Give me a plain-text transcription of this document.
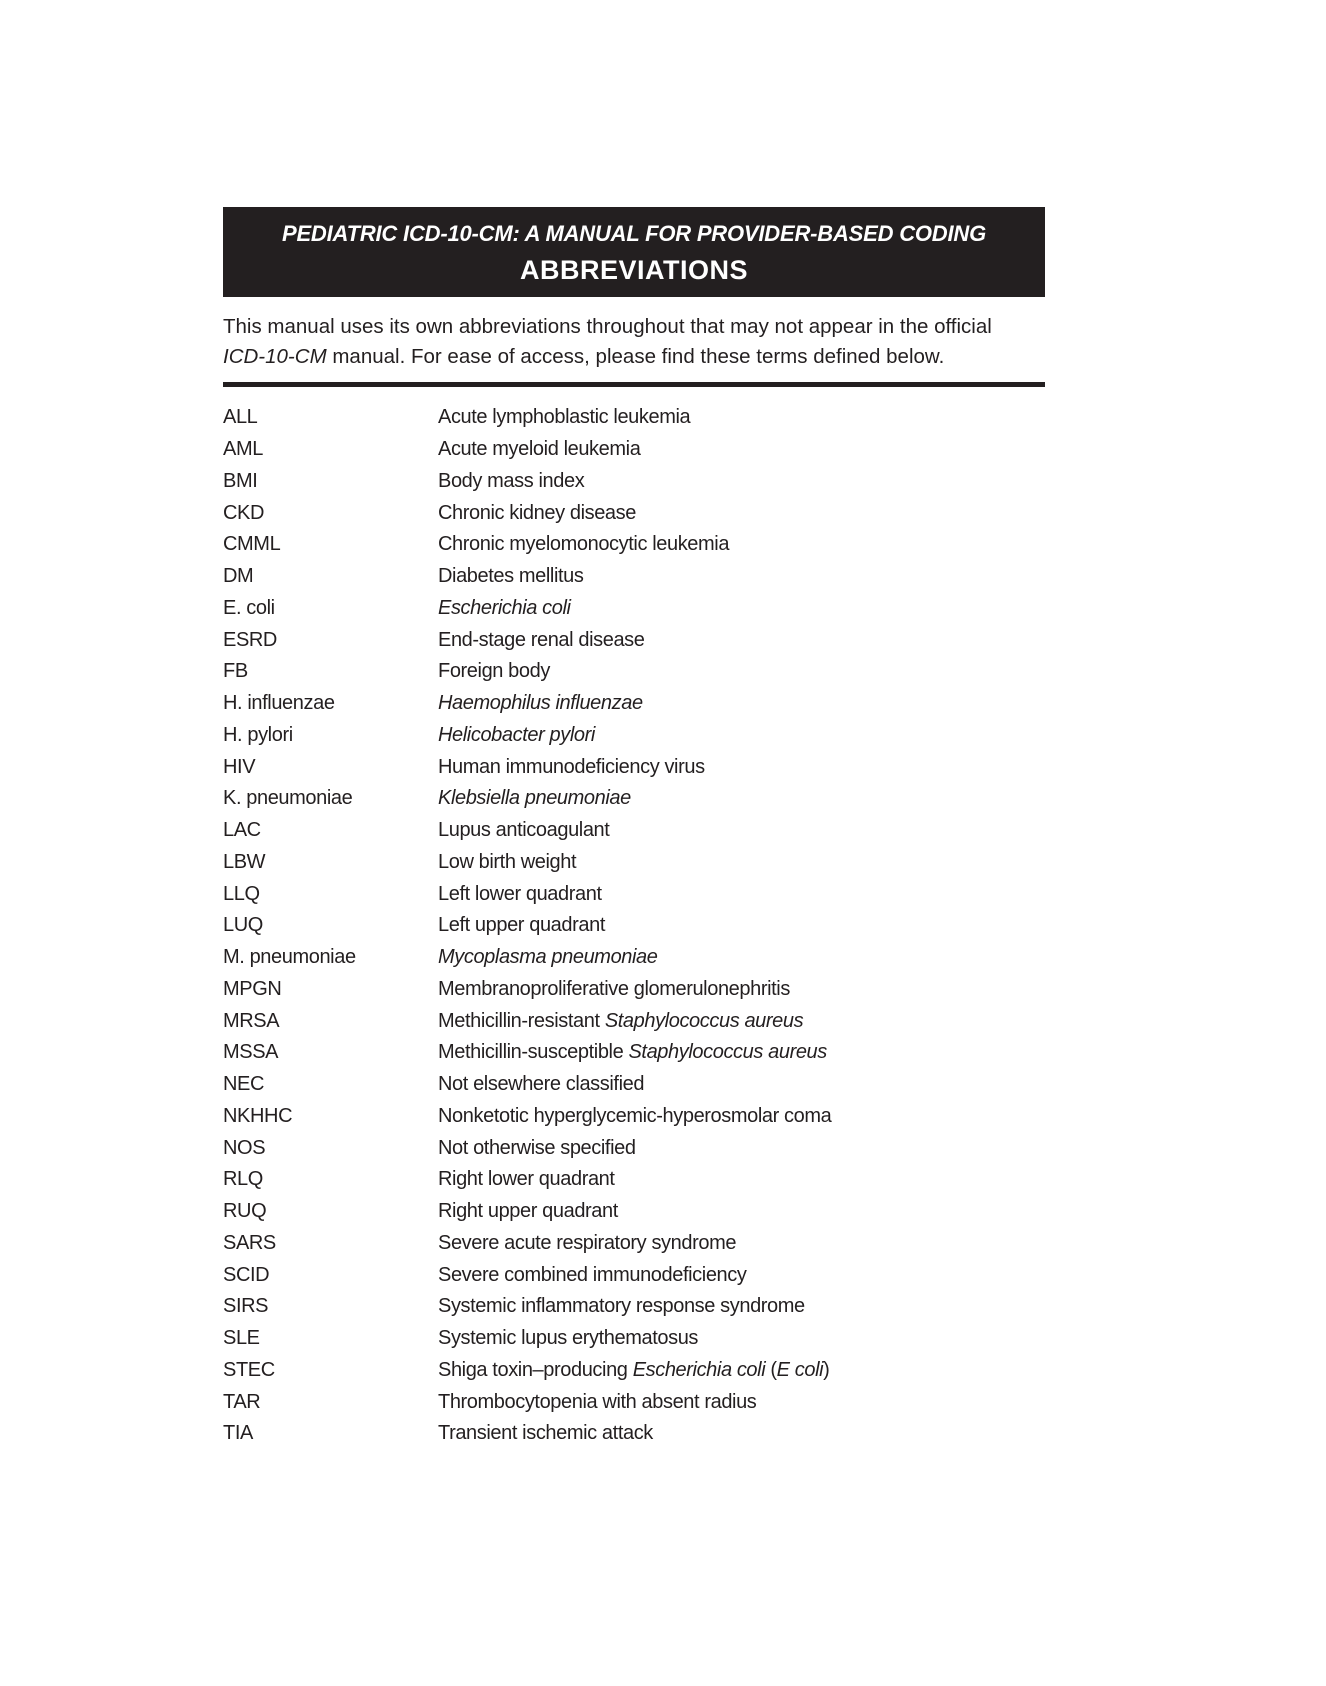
PEDIATRIC ICD-10-CM: A MANUAL FOR PROVIDER-BASED CODING
ABBREVIATIONS
This manual uses its own abbreviations throughout that may not appear in the official
ICD-10-CM manual. For ease of access, please find these terms defined below.
ALL	Acute lymphoblastic leukemia
AML	Acute myeloid leukemia
BMI	Body mass index
CKD	Chronic kidney disease
CMML	Chronic myelomonocytic leukemia
DM	Diabetes mellitus
E. coli	Escherichia coli
ESRD	End-stage renal disease
FB	Foreign body
H. influenzae	Haemophilus influenzae
H. pylori	Helicobacter pylori
HIV	Human immunodeficiency virus
K. pneumoniae	Klebsiella pneumoniae
LAC	Lupus anticoagulant
LBW	Low birth weight
LLQ	Left lower quadrant
LUQ	Left upper quadrant
M. pneumoniae	Mycoplasma pneumoniae
MPGN	Membranoproliferative glomerulonephritis
MRSA	Methicillin-resistant Staphylococcus aureus
MSSA	Methicillin-susceptible Staphylococcus aureus
NEC	Not elsewhere classified
NKHHC	Nonketotic hyperglycemic-hyperosmolar coma
NOS	Not otherwise specified
RLQ	Right lower quadrant
RUQ	Right upper quadrant
SARS	Severe acute respiratory syndrome
SCID	Severe combined immunodeficiency
SIRS	Systemic inflammatory response syndrome
SLE	Systemic lupus erythematosus
STEC	Shiga toxin–producing Escherichia coli (E coli)
TAR	Thrombocytopenia with absent radius
TIA	Transient ischemic attack
